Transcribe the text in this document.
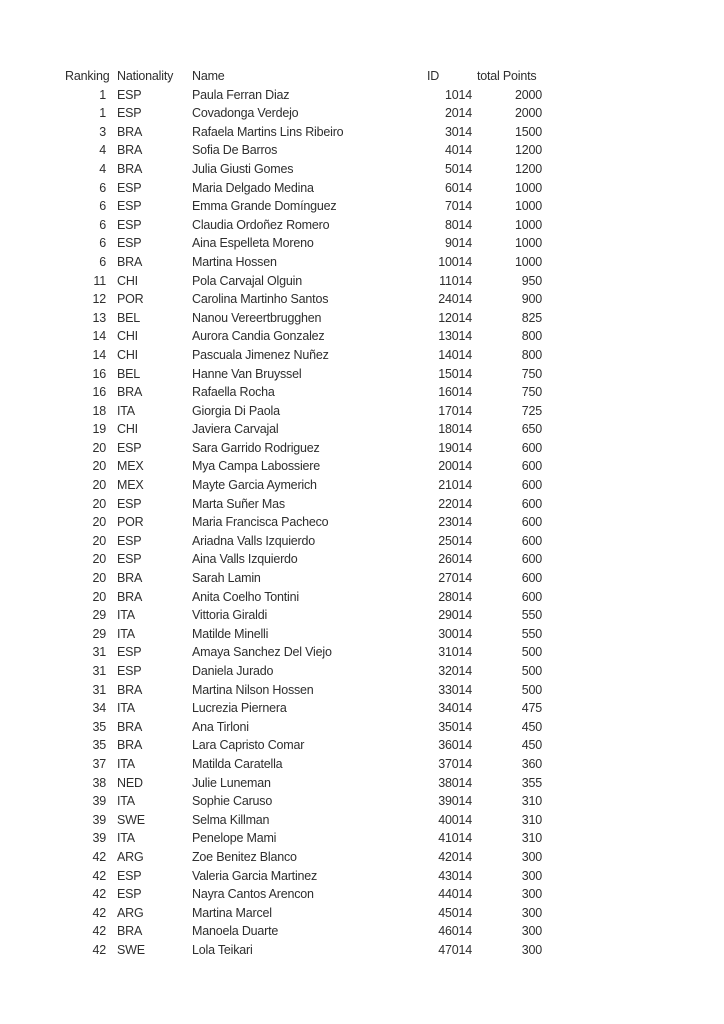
Ranking	Nationality	Name	ID	total Points
1	ESP	Paula Ferran Diaz	1014	2000
1	ESP	Covadonga Verdejo	2014	2000
3	BRA	Rafaela Martins Lins Ribeiro	3014	1500
4	BRA	Sofia De Barros	4014	1200
4	BRA	Julia Giusti Gomes	5014	1200
6	ESP	Maria Delgado Medina	6014	1000
6	ESP	Emma Grande Domínguez	7014	1000
6	ESP	Claudia Ordoñez Romero	8014	1000
6	ESP	Aina Espelleta Moreno	9014	1000
6	BRA	Martina Hossen	10014	1000
11	CHI	Pola Carvajal Olguin	11014	950
12	POR	Carolina Martinho Santos	24014	900
13	BEL	Nanou Vereertbrugghen	12014	825
14	CHI	Aurora Candia Gonzalez	13014	800
14	CHI	Pascuala Jimenez Nuñez	14014	800
16	BEL	Hanne Van Bruyssel	15014	750
16	BRA	Rafaella Rocha	16014	750
18	ITA	Giorgia Di Paola	17014	725
19	CHI	Javiera Carvajal	18014	650
20	ESP	Sara Garrido Rodriguez	19014	600
20	MEX	Mya Campa Labossiere	20014	600
20	MEX	Mayte Garcia Aymerich	21014	600
20	ESP	Marta Suñer Mas	22014	600
20	POR	Maria Francisca Pacheco	23014	600
20	ESP	Ariadna Valls Izquierdo	25014	600
20	ESP	Aina Valls Izquierdo	26014	600
20	BRA	Sarah Lamin	27014	600
20	BRA	Anita Coelho Tontini	28014	600
29	ITA	Vittoria Giraldi	29014	550
29	ITA	Matilde Minelli	30014	550
31	ESP	Amaya Sanchez Del Viejo	31014	500
31	ESP	Daniela Jurado	32014	500
31	BRA	Martina Nilson Hossen	33014	500
34	ITA	Lucrezia Piernera	34014	475
35	BRA	Ana Tirloni	35014	450
35	BRA	Lara Capristo Comar	36014	450
37	ITA	Matilda Caratella	37014	360
38	NED	Julie Luneman	38014	355
39	ITA	Sophie Caruso	39014	310
39	SWE	Selma Killman	40014	310
39	ITA	Penelope Mami	41014	310
42	ARG	Zoe Benitez Blanco	42014	300
42	ESP	Valeria Garcia Martinez	43014	300
42	ESP	Nayra Cantos Arencon	44014	300
42	ARG	Martina Marcel	45014	300
42	BRA	Manoela Duarte	46014	300
42	SWE	Lola Teikari	47014	300
